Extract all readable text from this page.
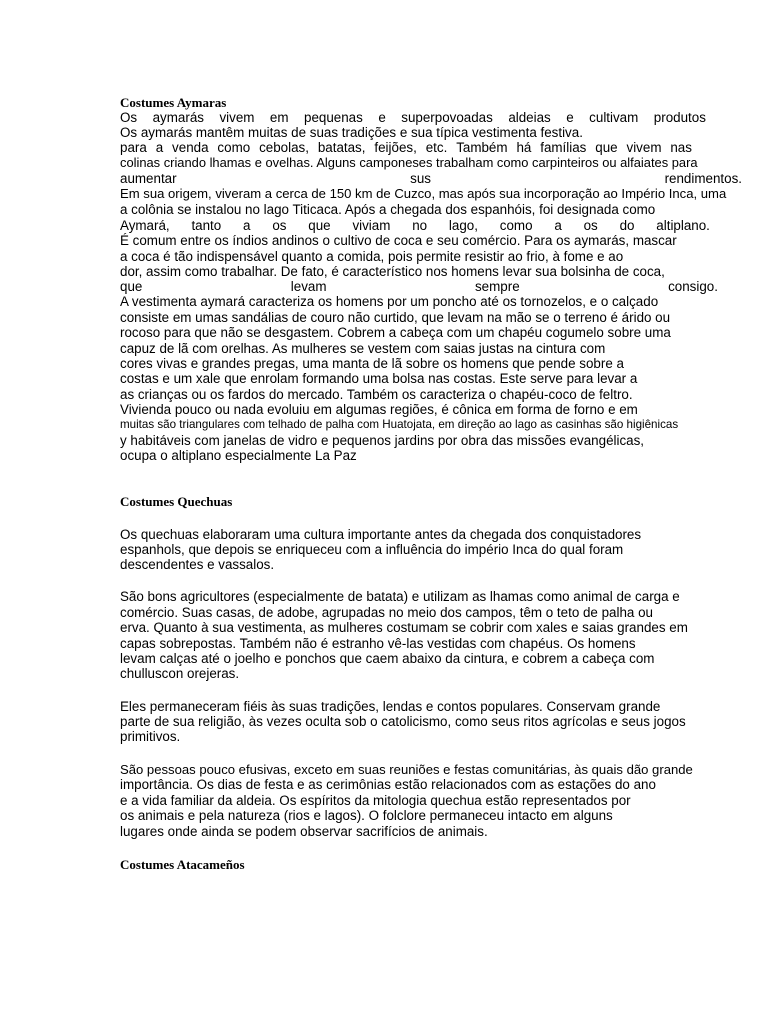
Costumes Aymaras
Os aymarás vivem em pequenas e superpovoadas aldeias e cultivam produtos
Os aymarás mantêm muitas de suas tradições e sua típica vestimenta festiva.
para a venda como cebolas, batatas, feijões, etc. Também há famílias que vivem nas
colinas criando lhamas e ovelhas. Alguns camponeses trabalham como carpinteiros ou alfaiates para
aumentar	sus	rendimentos.
Em sua origem, viveram a cerca de 150 km de Cuzco, mas após sua incorporação ao Império Inca, uma
a colônia se instalou no lago Titicaca. Após a chegada dos espanhóis, foi designada como
Aymará, tanto a os que viviam no lago, como a os do altiplano.
É comum entre os índios andinos o cultivo de coca e seu comércio. Para os aymarás, mascar
a coca é tão indispensável quanto a comida, pois permite resistir ao frio, à fome e ao
dor, assim como trabalhar. De fato, é característico nos homens levar sua bolsinha de coca,
que	levam	sempre	consigo.
A vestimenta aymará caracteriza os homens por um poncho até os tornozelos, e o calçado
consiste em umas sandálias de couro não curtido, que levam na mão se o terreno é árido ou
rocoso para que não se desgastem. Cobrem a cabeça com um chapéu cogumelo sobre uma
capuz de lã com orelhas. As mulheres se vestem com saias justas na cintura com
cores vivas e grandes pregas, uma manta de lã sobre os homens que pende sobre a
costas e um xale que enrolam formando uma bolsa nas costas. Este serve para levar a
as crianças ou os fardos do mercado. Também os caracteriza o chapéu-coco de feltro.
Vivienda pouco ou nada evoluiu em algumas regiões, é cônica em forma de forno e em
muitas são triangulares com telhado de palha com Huatojata, em direção ao lago as casinhas são higiênicas
y habitáveis com janelas de vidro e pequenos jardins por obra das missões evangélicas,
ocupa o altiplano especialmente La Paz
Costumes Quechuas
Os quechuas elaboraram uma cultura importante antes da chegada dos conquistadores
espanhols, que depois se enriqueceu com a influência do império Inca do qual foram
descendentes e vassalos.
São bons agricultores (especialmente de batata) e utilizam as lhamas como animal de carga e
comércio. Suas casas, de adobe, agrupadas no meio dos campos, têm o teto de palha ou
erva. Quanto à sua vestimenta, as mulheres costumam se cobrir com xales e saias grandes em
capas sobrepostas. Também não é estranho vê-las vestidas com chapéus. Os homens
levam calças até o joelho e ponchos que caem abaixo da cintura, e cobrem a cabeça com
chulluscon orejeras.
Eles permaneceram fiéis às suas tradições, lendas e contos populares. Conservam grande
parte de sua religião, às vezes oculta sob o catolicismo, como seus ritos agrícolas e seus jogos
primitivos.
São pessoas pouco efusivas, exceto em suas reuniões e festas comunitárias, às quais dão grande
importância. Os dias de festa e as cerimônias estão relacionados com as estações do ano
e a vida familiar da aldeia. Os espíritos da mitologia quechua estão representados por
os animais e pela natureza (rios e lagos). O folclore permaneceu intacto em alguns
lugares onde ainda se podem observar sacrifícios de animais.
Costumes Atacameños
